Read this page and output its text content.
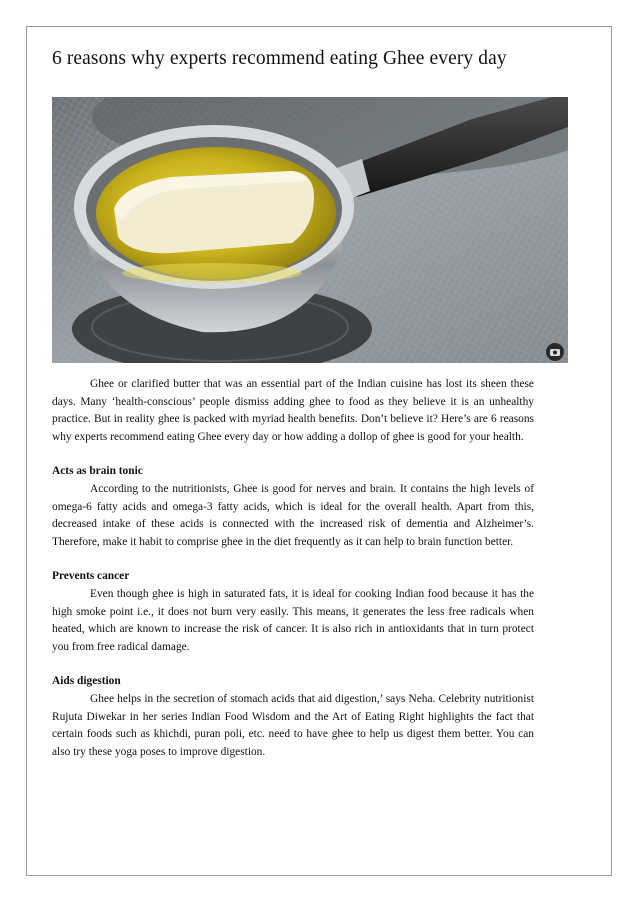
6 reasons why experts recommend eating Ghee every day

Ghee or clarified butter that was an essential part of the Indian cuisine has lost its sheen these days. Many ‘health-conscious’ people dismiss adding ghee to food as they believe it is an unhealthy practice. But in reality ghee is packed with myriad health benefits. Don’t believe it? Here’s are 6 reasons why experts recommend eating Ghee every day or how adding a dollop of ghee is good for your health.

Acts as brain tonic

According to the nutritionists, Ghee is good for nerves and brain. It contains the high levels of omega-6 fatty acids and omega-3 fatty acids, which is ideal for the overall health. Apart from this, decreased intake of these acids is connected with the increased risk of dementia and Alzheimer’s. Therefore, make it habit to comprise ghee in the diet frequently as it can help to brain function better.

Prevents cancer

Even though ghee is high in saturated fats, it is ideal for cooking Indian food because it has the high smoke point i.e., it does not burn very easily. This means, it generates the less free radicals when heated, which are known to increase the risk of cancer. It is also rich in antioxidants that in turn protect you from free radical damage.

Aids digestion

Ghee helps in the secretion of stomach acids that aid digestion,’ says Neha. Celebrity nutritionist Rujuta Diwekar in her series Indian Food Wisdom and the Art of Eating Right highlights the fact that certain foods such as khichdi, puran poli, etc. need to have ghee to help us digest them better. You can also try these yoga poses to improve digestion.
